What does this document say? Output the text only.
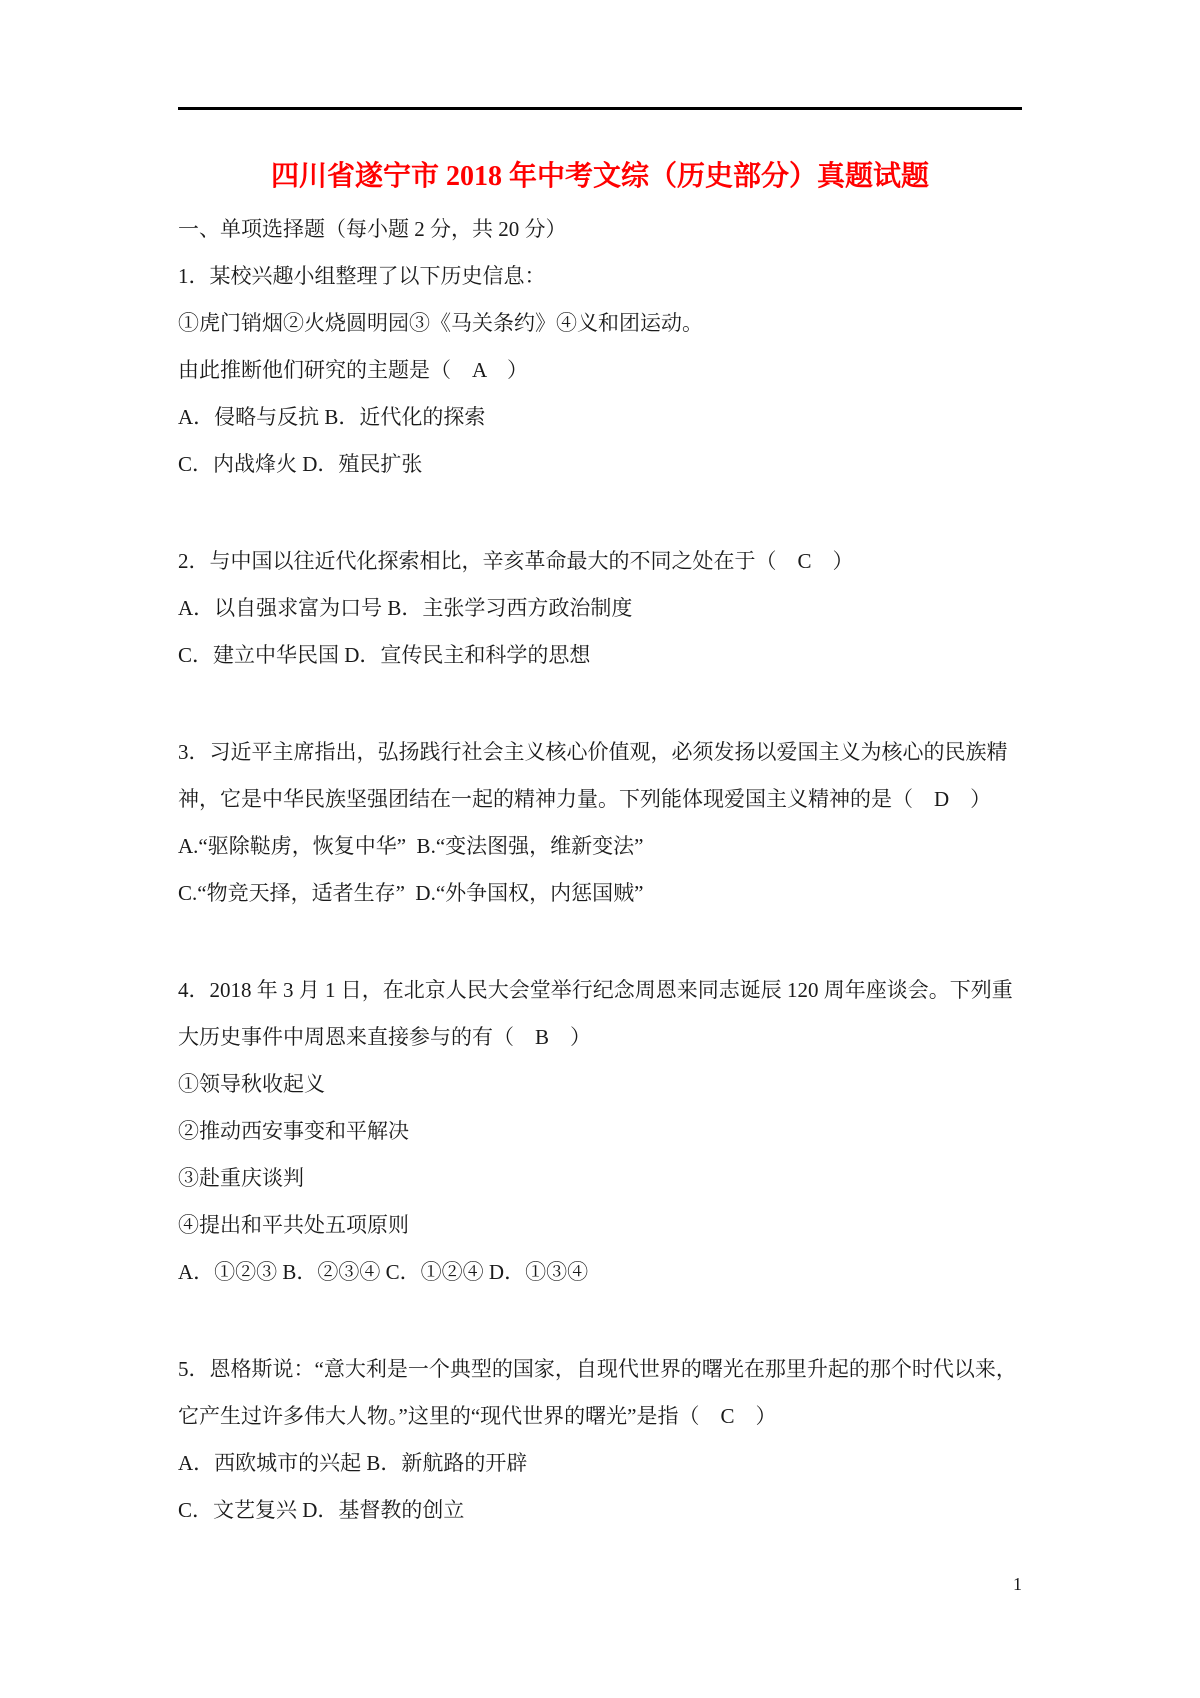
四川省遂宁市 2018 年中考文综（历史部分）真题试题
一、单项选择题（每小题 2 分，共 20 分）
1．某校兴趣小组整理了以下历史信息：
①虎门销烟②火烧圆明园③《马关条约》④义和团运动。
由此推断他们研究的主题是（　A　）
A．侵略与反抗 B．近代化的探索
C．内战烽火 D．殖民扩张
2．与中国以往近代化探索相比，辛亥革命最大的不同之处在于（　C　）
A．以自强求富为口号 B．主张学习西方政治制度
C．建立中华民国 D．宣传民主和科学的思想
3．习近平主席指出，弘扬践行社会主义核心价值观，必须发扬以爱国主义为核心的民族精
神，它是中华民族坚强团结在一起的精神力量。下列能体现爱国主义精神的是（　D　）
A.“驱除鞑虏，恢复中华”  B.“变法图强，维新变法”
C.“物竞天择，适者生存”  D.“外争国权，内惩国贼”
4．2018 年 3 月 1 日，在北京人民大会堂举行纪念周恩来同志诞辰 120 周年座谈会。下列重
大历史事件中周恩来直接参与的有（　B　）
①领导秋收起义
②推动西安事变和平解决
③赴重庆谈判
④提出和平共处五项原则
A．①②③ B．②③④ C．①②④ D．①③④
5．恩格斯说：“意大利是一个典型的国家，自现代世界的曙光在那里升起的那个时代以来，
它产生过许多伟大人物。”这里的“现代世界的曙光”是指（　C　）
A．西欧城市的兴起 B．新航路的开辟
C．文艺复兴 D．基督教的创立
1
